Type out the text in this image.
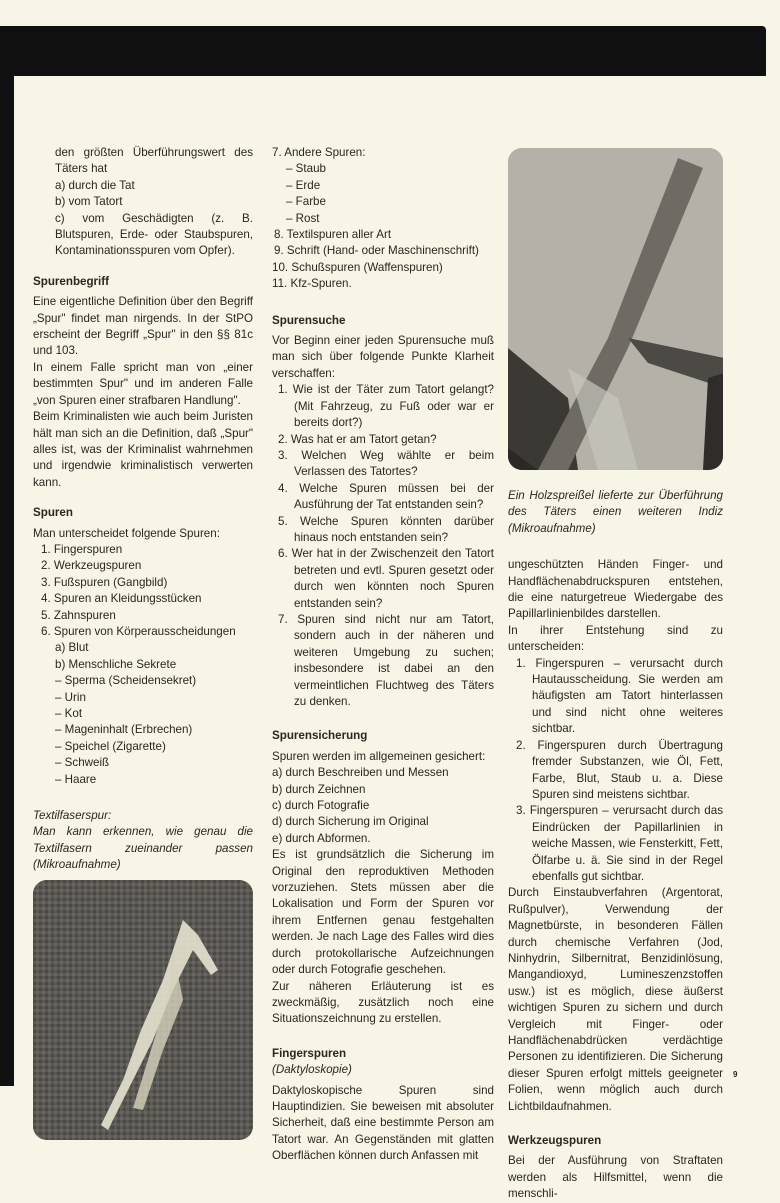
den größten Überführungswert des Täters hat

a) durch die Tat

b) vom Tatort

c) vom Geschädigten (z. B. Blutspuren, Erde- oder Staubspuren, Kontaminationsspuren vom Opfer).

Spurenbegriff

Eine eigentliche Definition über den Begriff „Spur" findet man nirgends. In der StPO erscheint der Begriff „Spur" in den §§ 81c und 103.

In einem Falle spricht man von „einer bestimmten Spur" und im anderen Falle „von Spuren einer strafbaren Handlung".

Beim Kriminalisten wie auch beim Juristen hält man sich an die Definition, daß „Spur" alles ist, was der Kriminalist wahrnehmen und irgendwie kriminalistisch verwerten kann.

Spuren

Man unterscheidet folgende Spuren:

1. Fingerspuren

2. Werkzeugspuren

3. Fußspuren (Gangbild)

4. Spuren an Kleidungsstücken

5. Zahnspuren

6. Spuren von Körperausscheidungen

a) Blut

b) Menschliche Sekrete

– Sperma (Scheidensekret)

– Urin

– Kot

– Mageninhalt (Erbrechen)

– Speichel (Zigarette)

– Schweiß

– Haare

Textilfaserspur:

Man kann erkennen, wie genau die Textilfasern zueinander passen (Mikroaufnahme)

7. Andere Spuren:

– Staub

– Erde

– Farbe

– Rost

8. Textilspuren aller Art

9. Schrift (Hand- oder Maschinenschrift)

10. Schußspuren (Waffenspuren)

11. Kfz-Spuren.

Spurensuche

Vor Beginn einer jeden Spurensuche muß man sich über folgende Punkte Klarheit verschaffen:

1. Wie ist der Täter zum Tatort gelangt? (Mit Fahrzeug, zu Fuß oder war er bereits dort?)

2. Was hat er am Tatort getan?

3. Welchen Weg wählte er beim Verlassen des Tatortes?

4. Welche Spuren müssen bei der Ausführung der Tat entstanden sein?

5. Welche Spuren könnten darüber hinaus noch entstanden sein?

6. Wer hat in der Zwischenzeit den Tatort betreten und evtl. Spuren gesetzt oder durch wen könnten noch Spuren entstanden sein?

7. Spuren sind nicht nur am Tatort, sondern auch in der näheren und weiteren Umgebung zu suchen; insbesondere ist dabei an den vermeintlichen Fluchtweg des Täters zu denken.

Spurensicherung

Spuren werden im allgemeinen gesichert:

a) durch Beschreiben und Messen

b) durch Zeichnen

c) durch Fotografie

d) durch Sicherung im Original

e) durch Abformen.

Es ist grundsätzlich die Sicherung im Original den reproduktiven Methoden vorzuziehen. Stets müssen aber die Lokalisation und Form der Spuren vor ihrem Entfernen genau festgehalten werden. Je nach Lage des Falles wird dies durch protokollarische Aufzeichnungen oder durch Fotografie geschehen.

Zur näheren Erläuterung ist es zweckmäßig, zusätzlich noch eine Situationszeichnung zu erstellen.

Fingerspuren

(Daktyloskopie)

Daktyloskopische Spuren sind Hauptindizien. Sie beweisen mit absoluter Sicherheit, daß eine bestimmte Person am Tatort war. An Gegenständen mit glatten Oberflächen können durch Anfassen mit

Ein Holzspreißel lieferte zur Überführung des Täters einen weiteren Indiz (Mikroaufnahme)

ungeschützten Händen Finger- und Handflächenabdruckspuren entstehen, die eine naturgetreue Wiedergabe des Papillarlinienbildes darstellen.

In ihrer Entstehung sind zu unterscheiden:

1. Fingerspuren – verursacht durch Hautausscheidung. Sie werden am häufigsten am Tatort hinterlassen und sind nicht ohne weiteres sichtbar.

2. Fingerspuren durch Übertragung fremder Substanzen, wie Öl, Fett, Farbe, Blut, Staub u. a. Diese Spuren sind meistens sichtbar.

3. Fingerspuren – verursacht durch das Eindrücken der Papillarlinien in weiche Massen, wie Fensterkitt, Fett, Ölfarbe u. ä. Sie sind in der Regel ebenfalls gut sichtbar.

Durch Einstaubverfahren (Argentorat, Rußpulver), Verwendung der Magnetbürste, in besonderen Fällen durch chemische Verfahren (Jod, Ninhydrin, Silbernitrat, Benzidinlösung, Mangandioxyd, Lumineszenzstoffen usw.) ist es möglich, diese äußerst wichtigen Spuren zu sichern und durch Vergleich mit Finger- oder Handflächenabdrücken verdächtige Personen zu identifizieren. Die Sicherung dieser Spuren erfolgt mittels geeigneter Folien, wenn möglich auch durch Lichtbildaufnahmen.

Werkzeugspuren

Bei der Ausführung von Straftaten werden als Hilfsmittel, wenn die menschli-

9
